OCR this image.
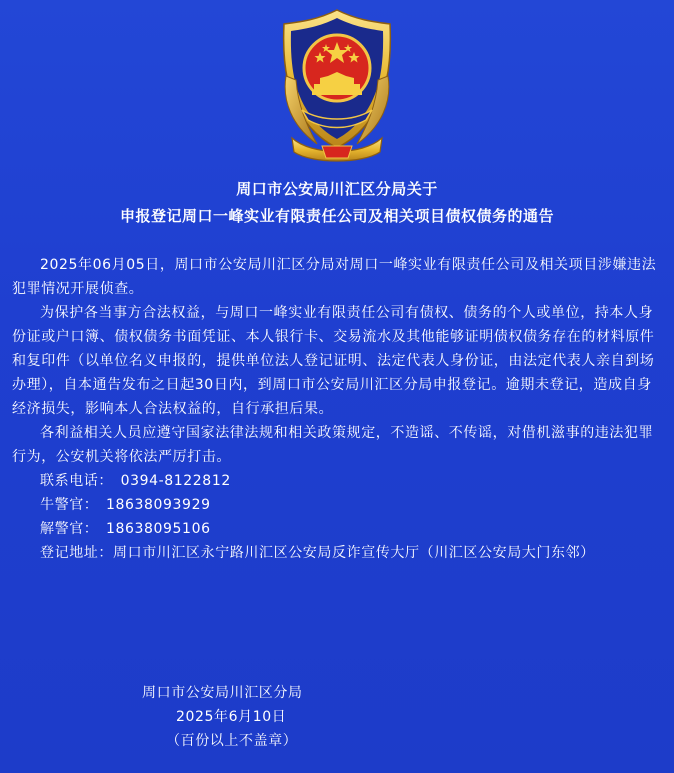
周口市公安局川汇区分局关于
申报登记周口一峰实业有限责任公司及相关项目债权债务的通告

2025年06月05日，周口市公安局川汇区分局对周口一峰实业有限责任公司及相关项目涉嫌违法犯罪情况开展侦查。

为保护各当事方合法权益，与周口一峰实业有限责任公司有债权、债务的个人或单位，持本人身份证或户口簿、债权债务书面凭证、本人银行卡、交易流水及其他能够证明债权债务存在的材料原件和复印件（以单位名义申报的，提供单位法人登记证明、法定代表人身份证，由法定代表人亲自到场办理），自本通告发布之日起30日内，到周口市公安局川汇区分局申报登记。逾期未登记，造成自身经济损失，影响本人合法权益的，自行承担后果。

各利益相关人员应遵守国家法律法规和相关政策规定，不造谣、不传谣，对借机滋事的违法犯罪行为，公安机关将依法严厉打击。

联系电话：　0394-8122812

牛警官：　18638093929

解警官：　18638095106

登记地址：周口市川汇区永宁路川汇区公安局反诈宣传大厅（川汇区公安局大门东邻）

周口市公安局川汇区分局
2025年6月10日
（百份以上不盖章）
